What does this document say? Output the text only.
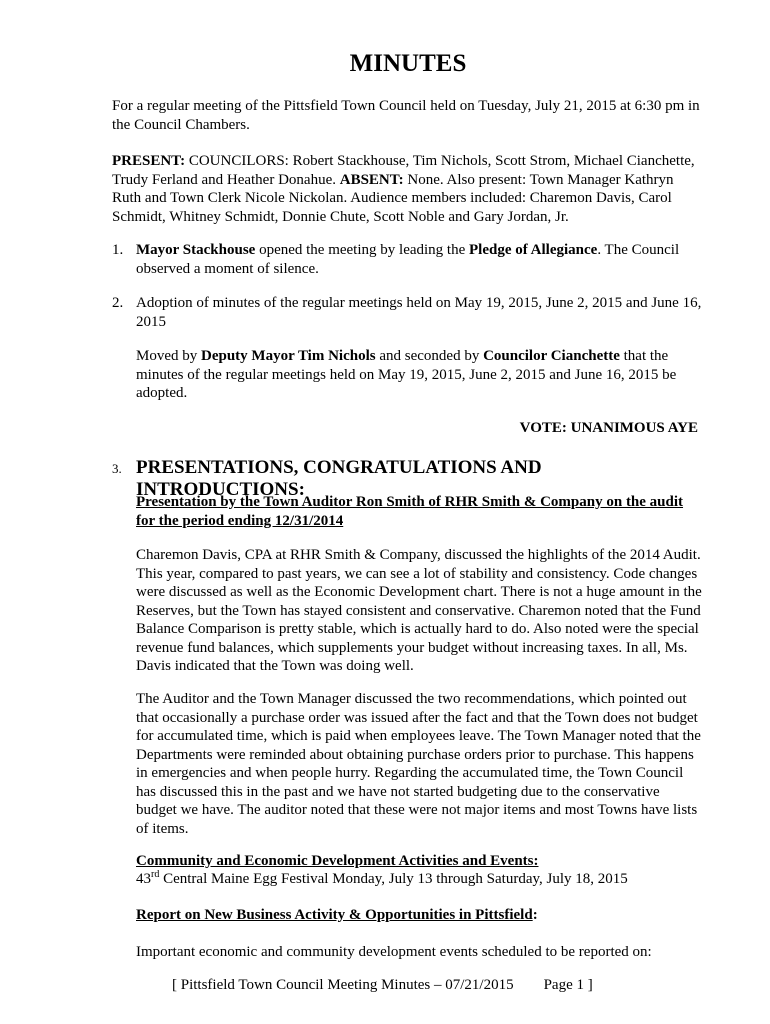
MINUTES

For a regular meeting of the Pittsfield Town Council held on Tuesday, July 21, 2015 at 6:30 pm in the Council Chambers.

PRESENT: COUNCILORS: Robert Stackhouse, Tim Nichols, Scott Strom, Michael Cianchette, Trudy Ferland and Heather Donahue. ABSENT: None. Also present: Town Manager Kathryn Ruth and Town Clerk Nicole Nickolan. Audience members included: Charemon Davis, Carol Schmidt, Whitney Schmidt, Donnie Chute, Scott Noble and Gary Jordan, Jr.

1. Mayor Stackhouse opened the meeting by leading the Pledge of Allegiance. The Council observed a moment of silence.

2. Adoption of minutes of the regular meetings held on May 19, 2015, June 2, 2015 and June 16, 2015

Moved by Deputy Mayor Tim Nichols and seconded by Councilor Cianchette that the minutes of the regular meetings held on May 19, 2015, June 2, 2015 and June 16, 2015 be adopted.

VOTE: UNANIMOUS AYE

3. PRESENTATIONS, CONGRATULATIONS AND INTRODUCTIONS:

Presentation by the Town Auditor Ron Smith of RHR Smith & Company on the audit for the period ending 12/31/2014

Charemon Davis, CPA at RHR Smith & Company, discussed the highlights of the 2014 Audit. This year, compared to past years, we can see a lot of stability and consistency. Code changes were discussed as well as the Economic Development chart. There is not a huge amount in the Reserves, but the Town has stayed consistent and conservative. Charemon noted that the Fund Balance Comparison is pretty stable, which is actually hard to do. Also noted were the special revenue fund balances, which supplements your budget without increasing taxes. In all, Ms. Davis indicated that the Town was doing well.

The Auditor and the Town Manager discussed the two recommendations, which pointed out that occasionally a purchase order was issued after the fact and that the Town does not budget for accumulated time, which is paid when employees leave. The Town Manager noted that the Departments were reminded about obtaining purchase orders prior to purchase. This happens in emergencies and when people hurry. Regarding the accumulated time, the Town Council has discussed this in the past and we have not started budgeting due to the conservative budget we have. The auditor noted that these were not major items and most Towns have lists of items.

Community and Economic Development Activities and Events:

43rd Central Maine Egg Festival Monday, July 13 through Saturday, July 18, 2015

Report on New Business Activity & Opportunities in Pittsfield:

Important economic and community development events scheduled to be reported on:

[ Pittsfield Town Council Meeting Minutes – 07/21/2015        Page 1 ]
